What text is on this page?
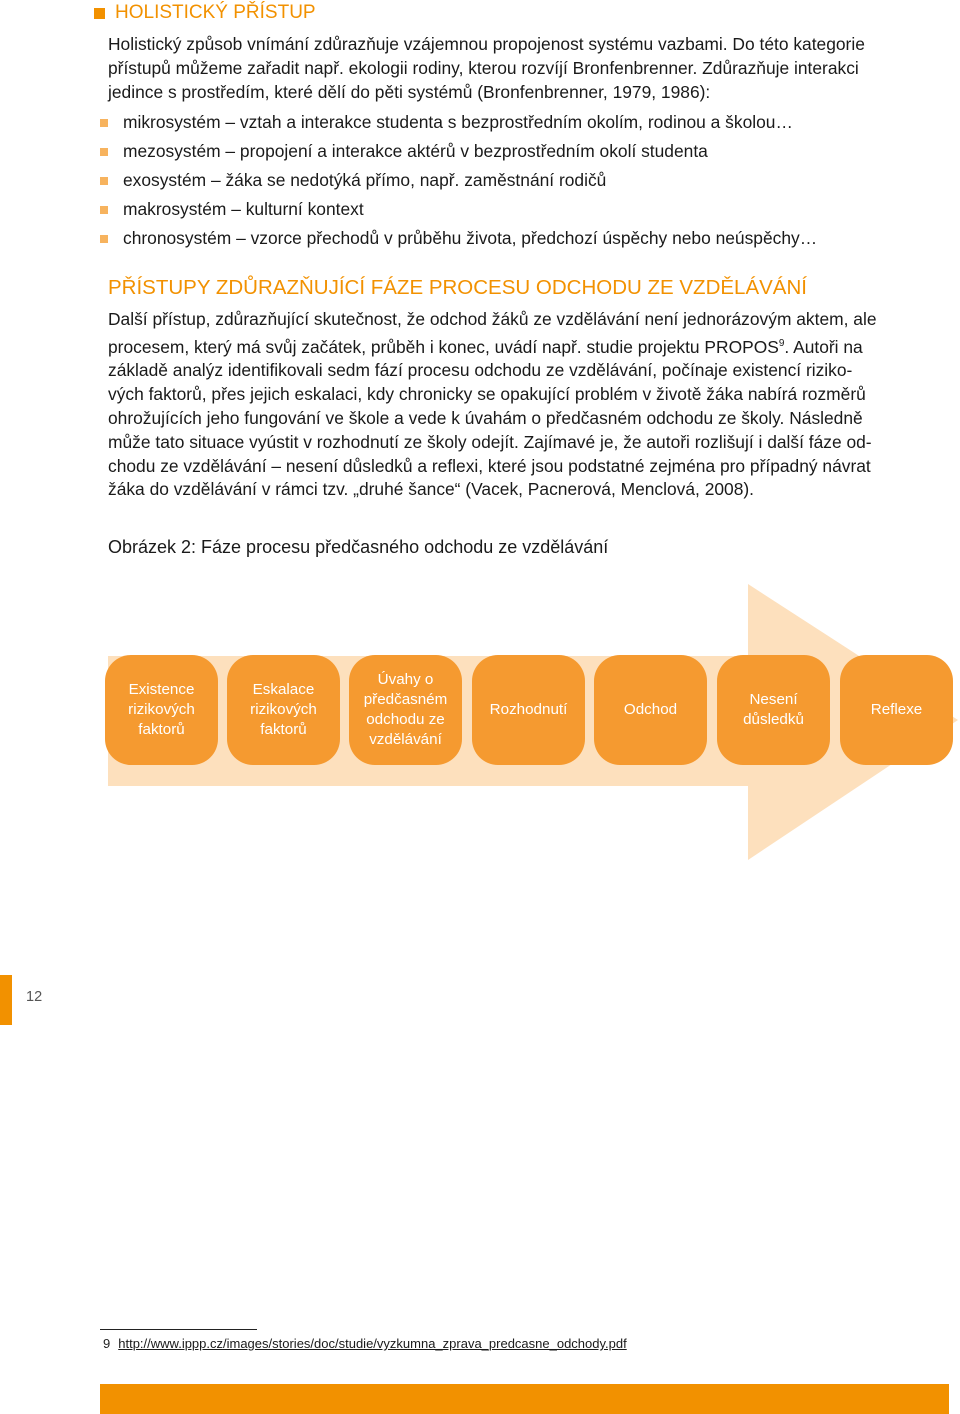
HOLISTICKÝ PŘÍSTUP
Holistický způsob vnímání zdůrazňuje vzájemnou propojenost systému vazbami. Do této kategorie
přístupů můžeme zařadit např. ekologii rodiny, kterou rozvíjí Bronfenbrenner. Zdůrazňuje interakci
jedince s prostředím, které dělí do pěti systémů (Bronfenbrenner, 1979, 1986):
mikrosystém – vztah a interakce studenta s bezprostředním okolím, rodinou a školou…
mezosystém – propojení a interakce aktérů v bezprostředním okolí studenta
exosystém – žáka se nedotýká přímo, např. zaměstnání rodičů
makrosystém – kulturní kontext
chronosystém – vzorce přechodů v průběhu života, předchozí úspěchy nebo neúspěchy…
PŘÍSTUPY ZDŮRAZŇUJÍCÍ FÁZE PROCESU ODCHODU ZE VZDĚLÁVÁNÍ
Další přístup, zdůrazňující skutečnost, že odchod žáků ze vzdělávání není jednorázovým aktem, ale
procesem, který má svůj začátek, průběh i konec, uvádí např. studie projektu PROPOS$^9$. Autoři na
základě analýz identifikovali sedm fází procesu odchodu ze vzdělávání, počínaje existencí riziko-
vých faktorů, přes jejich eskalaci, kdy chronicky se opakující problém v životě žáka nabírá rozměrů
ohrožujících jeho fungování ve škole a vede k úvahám o předčasném odchodu ze školy. Následně
může tato situace vyústit v rozhodnutí ze školy odejít. Zajímavé je, že autoři rozlišují i další fáze od-
chodu ze vzdělávání – nesení důsledků a reflexi, které jsou podstatné zejména pro případný návrat
žáka do vzdělávání v rámci tzv. „druhé šance“ (Vacek, Pacnerová, Menclová, 2008).
Obrázek 2: Fáze procesu předčasného odchodu ze vzdělávání
Existence rizikových faktorů
Eskalace rizikových faktorů
Úvahy o předčasném odchodu ze vzdělávání
Rozhodnutí	Odchod
Nesení důsledků
Reflexe
12
9 http://www.ippp.cz/images/stories/doc/studie/vyzkumna_zprava_predcasne_odchody.pdf
